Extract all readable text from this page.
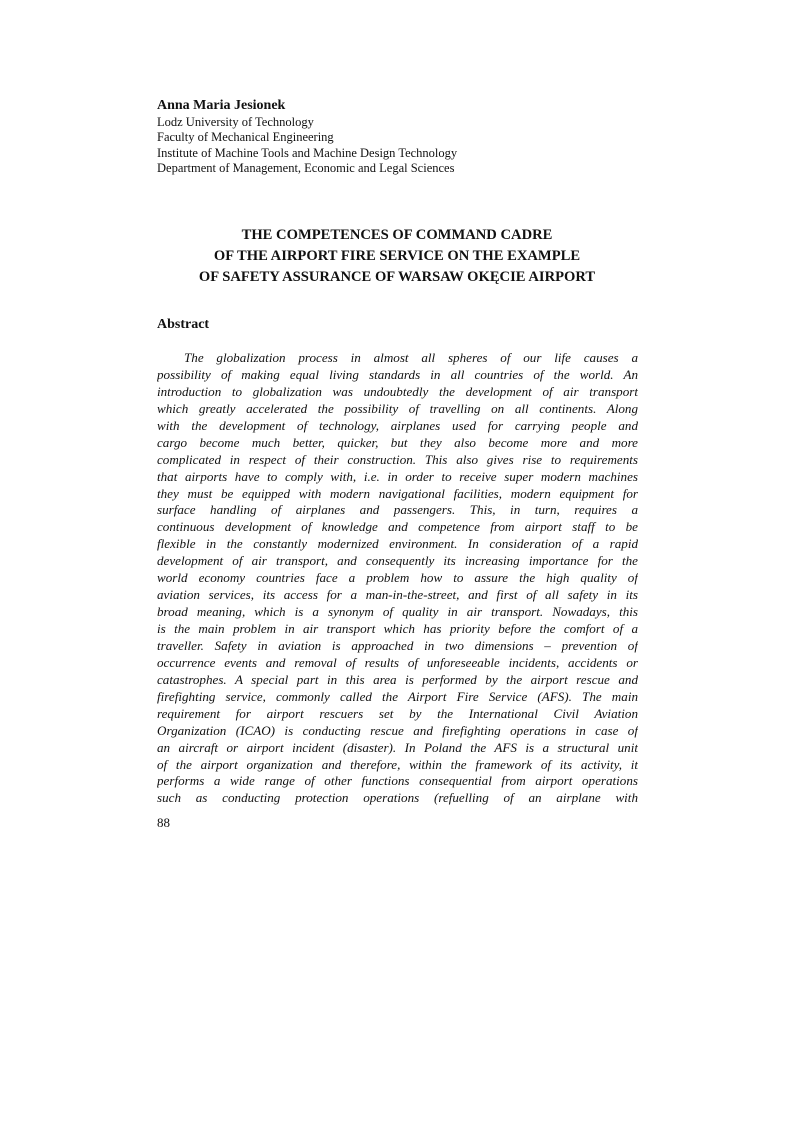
Anna Maria Jesionek

Lodz University of Technology

Faculty of Mechanical Engineering

Institute of Machine Tools and Machine Design Technology

Department of Management, Economic and Legal Sciences

THE COMPETENCES OF COMMAND CADRE
OF THE AIRPORT FIRE SERVICE ON THE EXAMPLE
OF SAFETY ASSURANCE OF WARSAW OKĘCIE AIRPORT
Abstract
The globalization process in almost all spheres of our life causes a
possibility of making equal living standards in all countries of the world. An
introduction to globalization was undoubtedly the development of air transport
which greatly accelerated the possibility of travelling on all continents. Along
with the development of technology, airplanes used for carrying people and
cargo become much better, quicker, but they also become more and more
complicated in respect of their construction. This also gives rise to requirements
that airports have to comply with, i.e. in order to receive super modern machines
they must be equipped with modern navigational facilities, modern equipment for
surface handling of airplanes and passengers. This, in turn, requires a
continuous development of knowledge and competence from airport staff to be
flexible in the constantly modernized environment. In consideration of a rapid
development of air transport, and consequently its increasing importance for the
world economy countries face a problem how to assure the high quality of
aviation services, its access for a man-in-the-street, and first of all safety in its
broad meaning, which is a synonym of quality in air transport. Nowadays, this
is the main problem in air transport which has priority before the comfort of a
traveller. Safety in aviation is approached in two dimensions – prevention of
occurrence events and removal of results of unforeseeable incidents, accidents or
catastrophes. A special part in this area is performed by the airport rescue and
firefighting service, commonly called the Airport Fire Service (AFS). The main
requirement for airport rescuers set by the International Civil Aviation
Organization (ICAO) is conducting rescue and firefighting operations in case of
an aircraft or airport incident (disaster). In Poland the AFS is a structural unit
of the airport organization and therefore, within the framework of its activity, it
performs a wide range of other functions consequential from airport operations
such as conducting protection operations (refuelling of an airplane with

88
